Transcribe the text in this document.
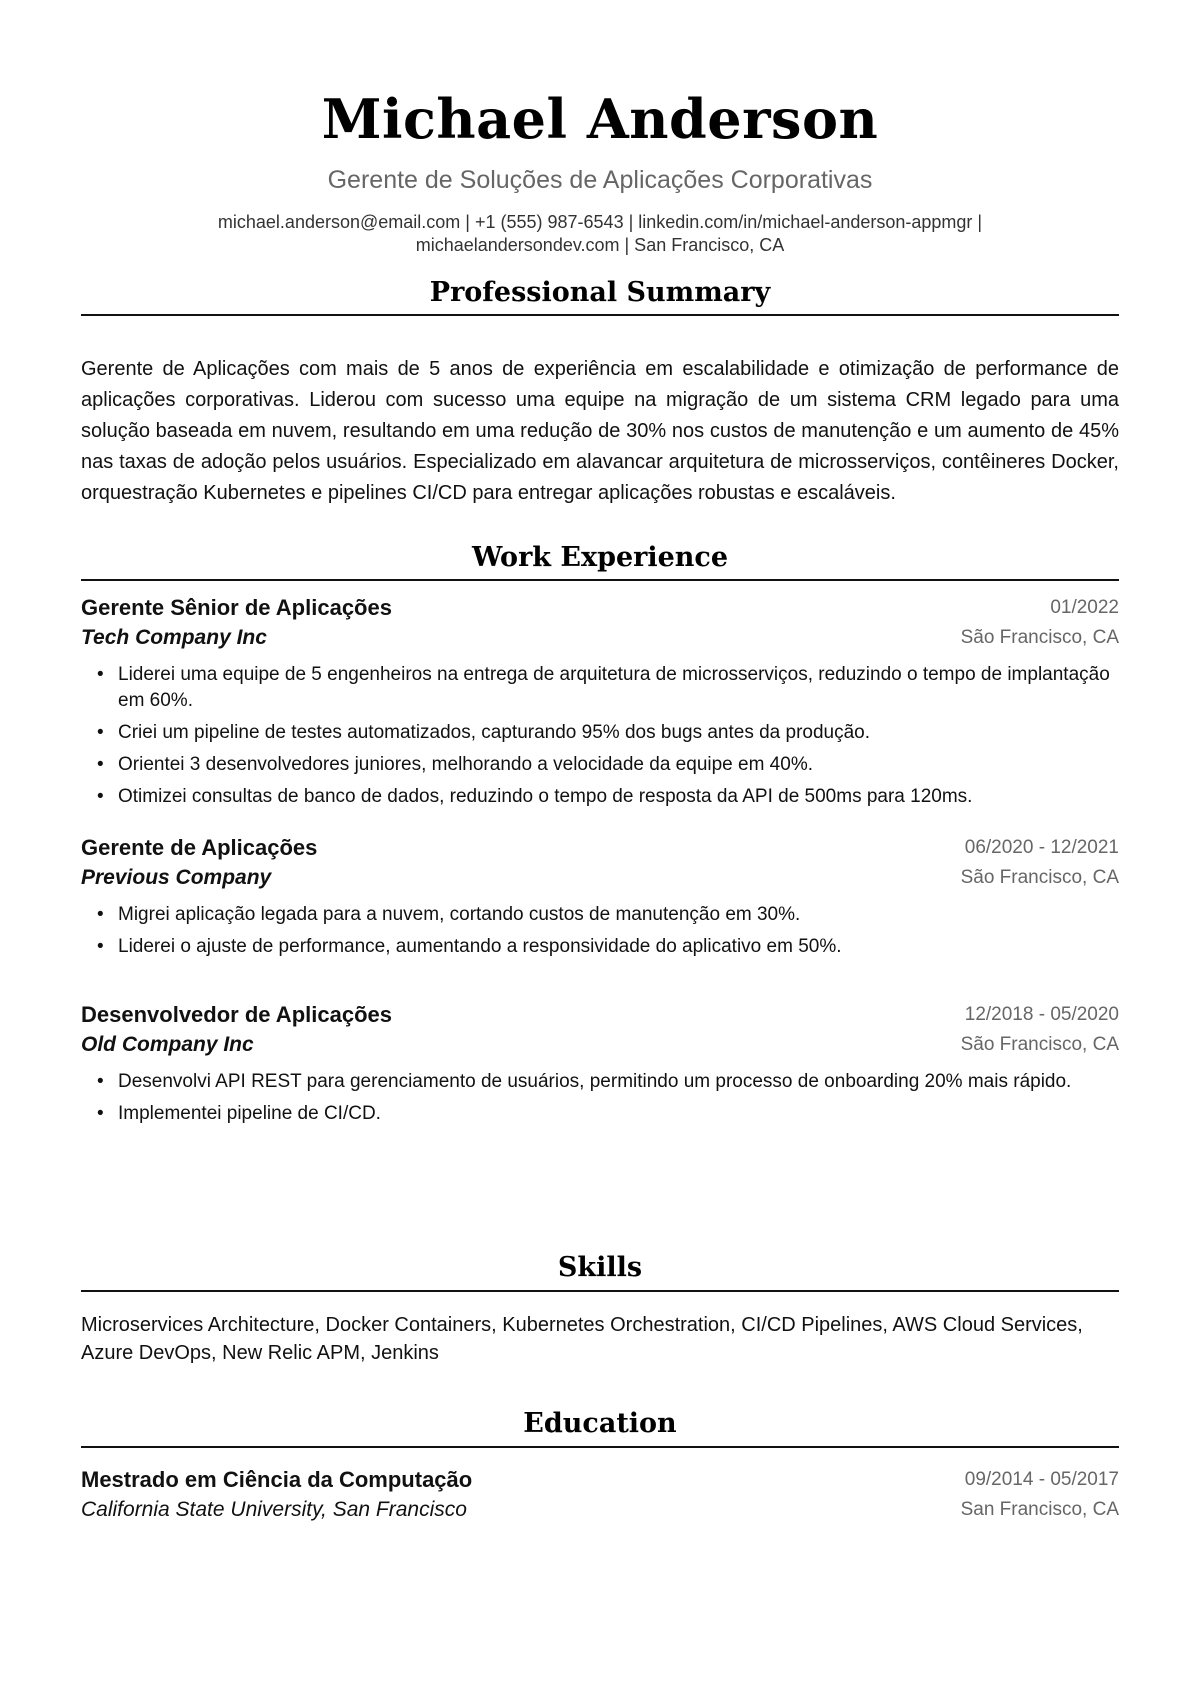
Michael Anderson
Gerente de Soluções de Aplicações Corporativas
michael.anderson@email.com | +1 (555) 987-6543 | linkedin.com/in/michael-anderson-appmgr |
michaelandersondev.com | San Francisco, CA
Professional Summary
Gerente de Aplicações com mais de 5 anos de experiência em escalabilidade e otimização de performance de aplicações corporativas. Liderou com sucesso uma equipe na migração de um sistema CRM legado para uma solução baseada em nuvem, resultando em uma redução de 30% nos custos de manutenção e um aumento de 45% nas taxas de adoção pelos usuários. Especializado em alavancar arquitetura de microsserviços, contêineres Docker, orquestração Kubernetes e pipelines CI/CD para entregar aplicações robustas e escaláveis.
Work Experience
Gerente Sênior de Aplicações	01/2022
Tech Company Inc	São Francisco, CA
• Liderei uma equipe de 5 engenheiros na entrega de arquitetura de microsserviços, reduzindo o tempo de implantação em 60%.
• Criei um pipeline de testes automatizados, capturando 95% dos bugs antes da produção.
• Orientei 3 desenvolvedores juniores, melhorando a velocidade da equipe em 40%.
• Otimizei consultas de banco de dados, reduzindo o tempo de resposta da API de 500ms para 120ms.
Gerente de Aplicações	06/2020 - 12/2021
Previous Company	São Francisco, CA
• Migrei aplicação legada para a nuvem, cortando custos de manutenção em 30%.
• Liderei o ajuste de performance, aumentando a responsividade do aplicativo em 50%.
Desenvolvedor de Aplicações	12/2018 - 05/2020
Old Company Inc	São Francisco, CA
• Desenvolvi API REST para gerenciamento de usuários, permitindo um processo de onboarding 20% mais rápido.
• Implementei pipeline de CI/CD.
Skills
Microservices Architecture, Docker Containers, Kubernetes Orchestration, CI/CD Pipelines, AWS Cloud Services, Azure DevOps, New Relic APM, Jenkins
Education
Mestrado em Ciência da Computação	09/2014 - 05/2017
California State University, San Francisco	San Francisco, CA
